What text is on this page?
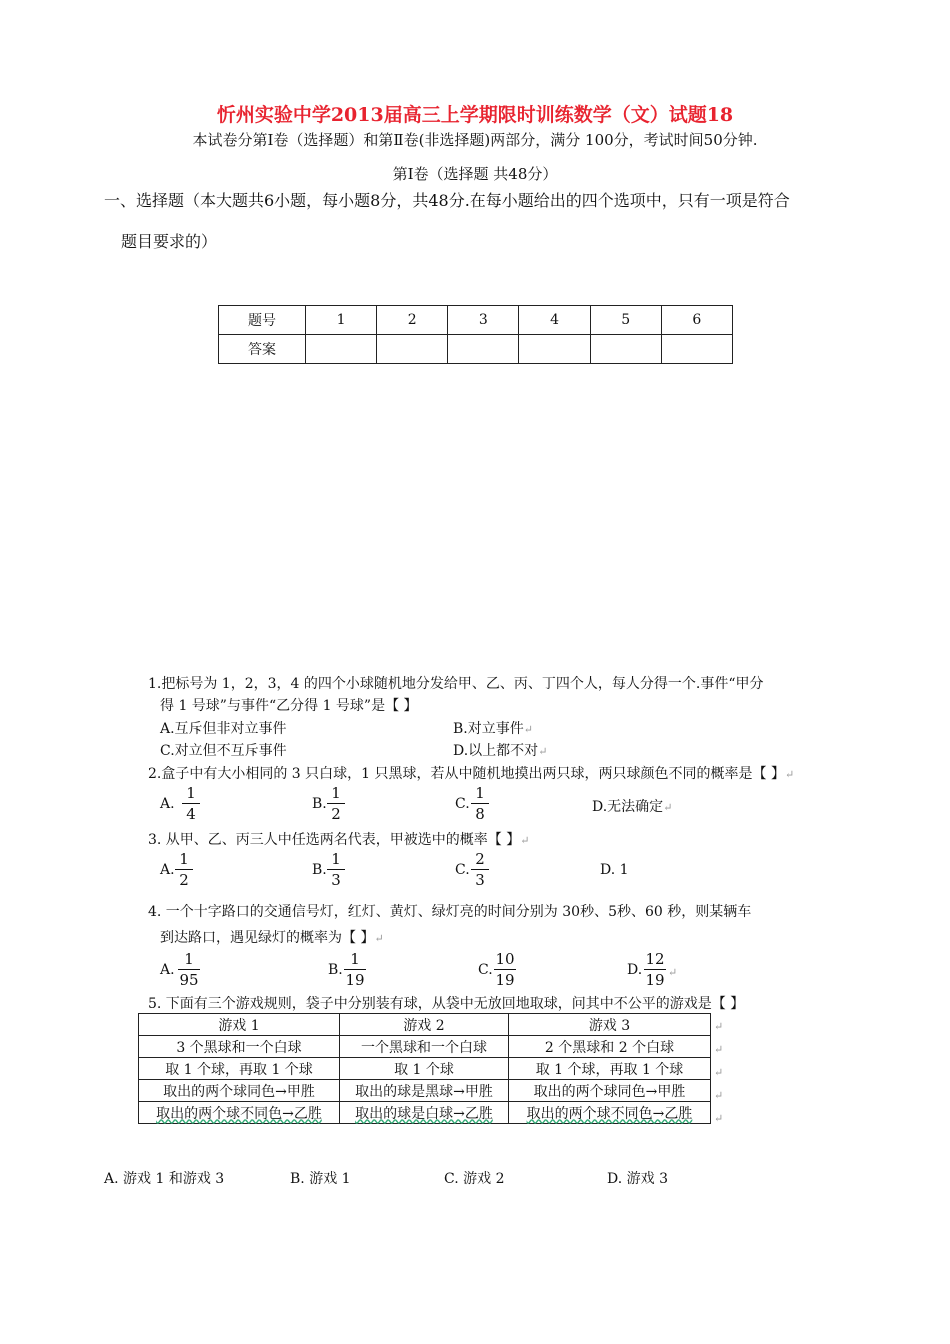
忻州实验中学2013届高三上学期限时训练数学（文）试题18
本试卷分第Ⅰ卷（选择题）和第Ⅱ卷(非选择题)两部分，满分 100分，考试时间50分钟.
第Ⅰ卷（选择题 共48分）
一、选择题（本大题共6小题，每小题8分，共48分.在每小题给出的四个选项中，只有一项是符合
题目要求的）
题号	1	2	3	4	5	6
答案						
1.把标号为 1，2，3，4 的四个小球随机地分发给甲、乙、丙、丁四个人，每人分得一个.事件“甲分
得 1 号球”与事件“乙分得 1 号球”是【 】
A.互斥但非对立事件	B.对立事件↵
C.对立但不互斥事件	D.以上都不对↵
2.盒子中有大小相同的 3 只白球，1 只黑球，若从中随机地摸出两只球，两只球颜色不同的概率是【 】↵
A.
1
4
B.
1
2
C.
1
8	D.无法确定↵
3. 从甲、乙、丙三人中任选两名代表，甲被选中的概率【 】↵
A.
1
2
B.
1
3
C.
2
3
D. 1
4. 一个十字路口的交通信号灯，红灯、黄灯、绿灯亮的时间分别为 30秒、5秒、60 秒，则某辆车
到达路口，遇见绿灯的概率为【 】↵
A.
1
95
B.
1
19
C.
10
19
D.
12
19 ↵
5. 下面有三个游戏规则，袋子中分别装有球，从袋中无放回地取球，问其中不公平的游戏是【 】
游戏 1	游戏 2	游戏 3
3 个黑球和一个白球	一个黑球和一个白球	2 个黑球和 2 个白球
取 1 个球，再取 1 个球	取 1 个球	取 1 个球，再取 1 个球
取出的两个球同色→甲胜	取出的球是黑球→甲胜	取出的两个球同色→甲胜
取出的两个球不同色→乙胜	取出的球是白球→乙胜	取出的两个球不同色→乙胜
↵
↵
↵
↵
↵
A. 游戏 1 和游戏 3	B. 游戏 1	C. 游戏 2	D. 游戏 3
